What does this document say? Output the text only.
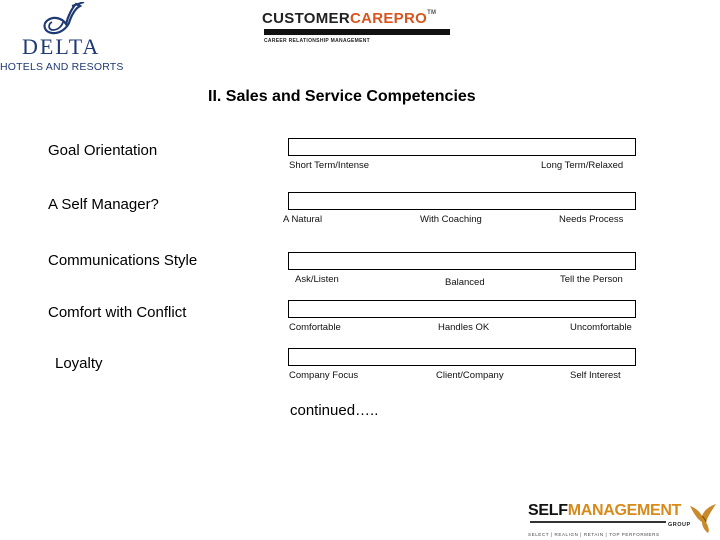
DELTA
HOTELS AND RESORTS
CUSTOMERCAREPRO™
CAREER RELATIONSHIP MANAGEMENT
II. Sales and Service Competencies
Goal Orientation
Short Term/Intense	Long Term/Relaxed
A Self Manager?
A Natural	With Coaching	Needs Process
Communications Style
Ask/Listen	Balanced	Tell the Person
Comfort with Conflict
Comfortable	Handles OK	Uncomfortable
Loyalty
Company Focus	Client/Company	Self Interest
continued…..
SELFMANAGEMENT
GROUP
SELECT | REALIGN | RETAIN | TOP PERFORMERS
